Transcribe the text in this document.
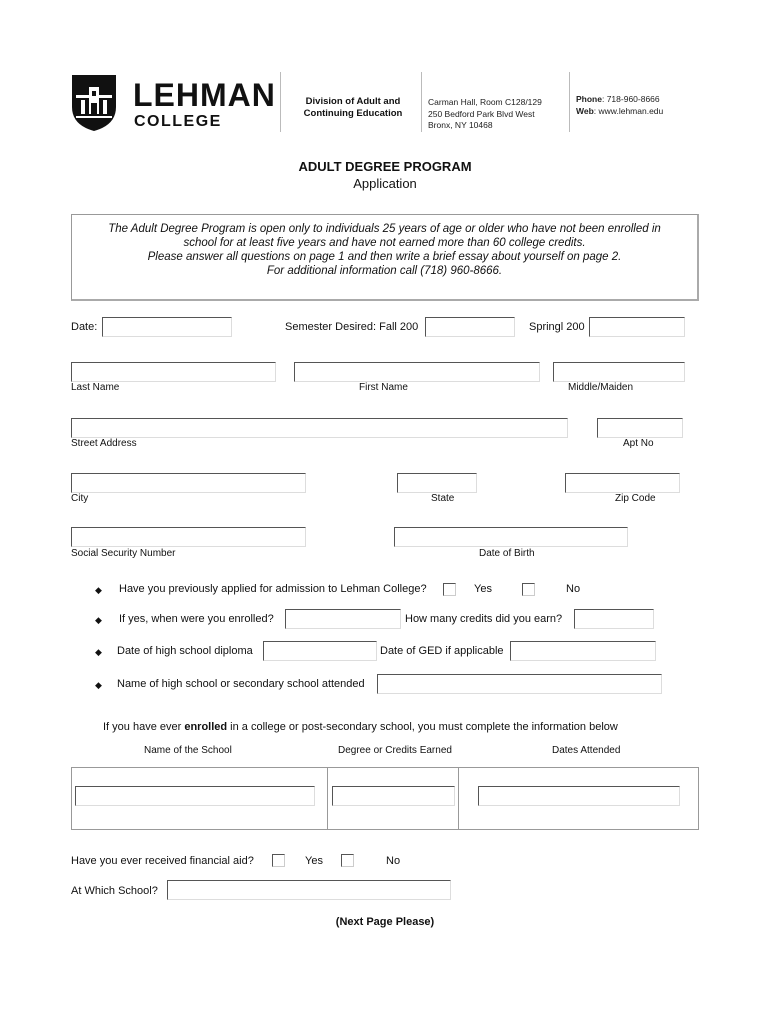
LEHMAN
COLLEGE
Division of Adult and
Continuing Education
Carman Hall, Room C128/129
250 Bedford Park Blvd West
Bronx, NY 10468
Phone: 718-960-8666
Web: www.lehman.edu
ADULT DEGREE PROGRAM
Application
The Adult Degree Program is open only to individuals 25 years of age or older who have not been enrolled in
school for at least five years and have not earned more than 60 college credits.
Please answer all questions on page 1 and then write a brief essay about yourself on page 2.
For additional information call (718) 960-8666.
Date:	Semester Desired: Fall 200	Springl 200
Last Name	First Name	Middle/Maiden
Street Address	Apt No
City	State	Zip Code
Social Security Number	Date of Birth
◆ Have you previously applied for admission to Lehman College?	Yes	No
◆ If yes, when were you enrolled?	How many credits did you earn?
◆ Date of high school diploma	Date of GED if applicable
◆ Name of high school or secondary school attended
If you have ever enrolled in a college or post-secondary school, you must complete the information below
Name of the School	Degree or Credits Earned	Dates Attended
Have you ever received financial aid?	Yes	No
At Which School?
(Next Page Please)
